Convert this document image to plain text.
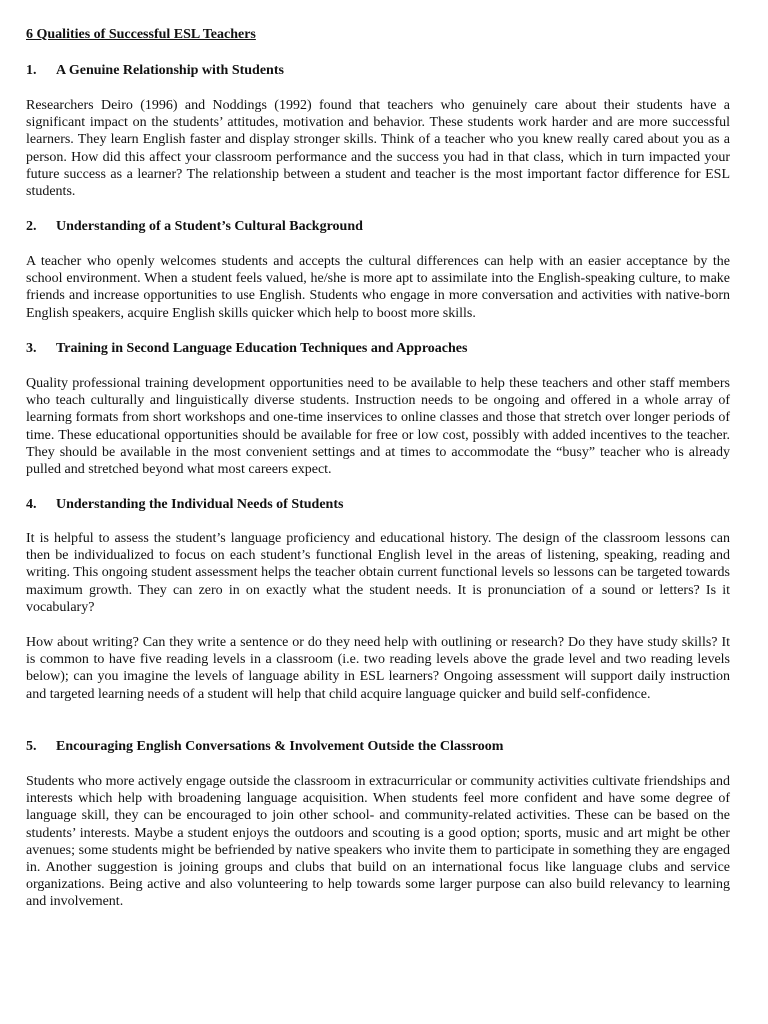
6 Qualities of Successful ESL Teachers
1. A Genuine Relationship with Students
Researchers Deiro (1996) and Noddings (1992) found that teachers who genuinely care about their students have a significant impact on the students’ attitudes, motivation and behavior. These students work harder and are more successful learners. They learn English faster and display stronger skills. Think of a teacher who you knew really cared about you as a person. How did this affect your classroom performance and the success you had in that class, which in turn impacted your future success as a learner? The relationship between a student and teacher is the most important factor difference for ESL students.
2. Understanding of a Student’s Cultural Background
A teacher who openly welcomes students and accepts the cultural differences can help with an easier acceptance by the school environment. When a student feels valued, he/she is more apt to assimilate into the English-speaking culture, to make friends and increase opportunities to use English. Students who engage in more conversation and activities with native-born English speakers, acquire English skills quicker which help to boost more skills.
3. Training in Second Language Education Techniques and Approaches
Quality professional training development opportunities need to be available to help these teachers and other staff members who teach culturally and linguistically diverse students. Instruction needs to be ongoing and offered in a whole array of learning formats from short workshops and one-time inservices to online classes and those that stretch over longer periods of time. These educational opportunities should be available for free or low cost, possibly with added incentives to the teacher. They should be available in the most convenient settings and at times to accommodate the “busy” teacher who is already pulled and stretched beyond what most careers expect.
4. Understanding the Individual Needs of Students
It is helpful to assess the student’s language proficiency and educational history. The design of the classroom lessons can then be individualized to focus on each student’s functional English level in the areas of listening, speaking, reading and writing. This ongoing student assessment helps the teacher obtain current functional levels so lessons can be targeted towards maximum growth. They can zero in on exactly what the student needs. It is pronunciation of a sound or letters? Is it vocabulary?
How about writing? Can they write a sentence or do they need help with outlining or research? Do they have study skills? It is common to have five reading levels in a classroom (i.e. two reading levels above the grade level and two reading levels below); can you imagine the levels of language ability in ESL learners? Ongoing assessment will support daily instruction and targeted learning needs of a student will help that child acquire language quicker and build self-confidence.
5. Encouraging English Conversations & Involvement Outside the Classroom
Students who more actively engage outside the classroom in extracurricular or community activities cultivate friendships and interests which help with broadening language acquisition. When students feel more confident and have some degree of language skill, they can be encouraged to join other school- and community-related activities. These can be based on the students’ interests. Maybe a student enjoys the outdoors and scouting is a good option; sports, music and art might be other avenues; some students might be befriended by native speakers who invite them to participate in something they are engaged in. Another suggestion is joining groups and clubs that build on an international focus like language clubs and service organizations. Being active and also volunteering to help towards some larger purpose can also build relevancy to learning and involvement.
